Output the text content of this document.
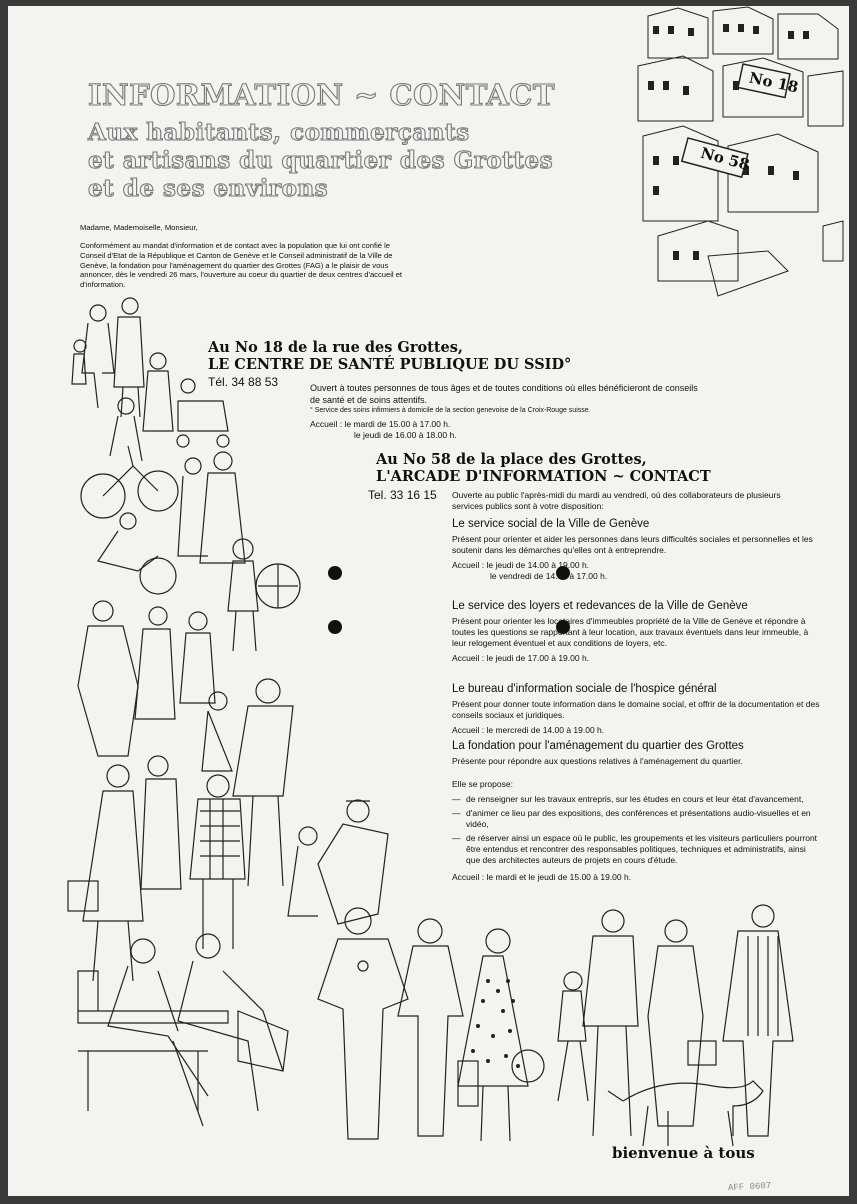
No 18
No 58
INFORMATION ~ CONTACT
Aux habitants, commerçants
et artisans du quartier des Grottes
et de ses environs

Madame, Mademoiselle, Monsieur,

Conformément au mandat d'information et de contact avec la population que lui ont confié le Conseil d'Etat de la République et Canton de Genève et le Conseil administratif de la Ville de Genève, la fondation pour l'aménagement du quartier des Grottes (FAG) a le plaisir de vous annoncer, dès le vendredi 26 mars, l'ouverture au coeur du quartier de deux centres d'accueil et d'information.

Au No 18 de la rue des Grottes,
LE CENTRE DE SANTÉ PUBLIQUE DU SSID°
Tél. 34 88 53	Ouvert à toutes personnes de tous âges et de toutes conditions où elles bénéficieront de conseils de santé et de soins attentifs.
° Service des soins infirmiers à domicile de la section genevoise de la Croix-Rouge suisse.
Accueil : le mardi de 15.00 à 17.00 h.
le jeudi de 16.00 à 18.00 h.
Au No 58 de la place des Grottes,
L'ARCADE D'INFORMATION ~ CONTACT
Tel. 33 16 15 Ouverte au public l'après-midi du mardi au vendredi, où des collaborateurs de plusieurs services publics sont à votre disposition:
Le service social de la Ville de Genève
Présent pour orienter et aider les personnes dans leurs difficultés sociales et personnelles et les soutenir dans les démarches qu'elles ont à entreprendre.
Accueil : le jeudi de 14.00 à 19.00 h.
le vendredi de 14.00 à 17.00 h.
Le service des loyers et redevances de la Ville de Genève
Présent pour orienter les locataires d'immeubles propriété de la Ville de Genève et répondre à toutes les questions se rapportant à leur location, aux travaux éventuels dans leur immeuble, à leur relogement éventuel et aux conditions de loyers, etc.
Accueil : le jeudi de 17.00 à 19.00 h.
Le bureau d'information sociale de l'hospice général
Présent pour donner toute information dans le domaine social, et offrir de la documentation et des conseils sociaux et juridiques.
Accueil : le mercredi de 14.00 à 19.00 h.
La fondation pour l'aménagement du quartier des Grottes
Présente pour répondre aux questions relatives à l'aménagement du quartier.
Elle se propose:
— de renseigner sur les travaux entrepris, sur les études en cours et leur état d'avancement,
— d'animer ce lieu par des expositions, des conférences et présentations audio-visuelles et en vidéo,
— de réserver ainsi un espace où le public, les groupements et les visiteurs particuliers pourront être entendus et rencontrer des responsables politiques, techniques et administratifs, ainsi que des architectes auteurs de projets en cours d'étude.
Accueil : le mardi et le jeudi de 15.00 à 19.00 h.
bienvenue à tous
AFF 0607
